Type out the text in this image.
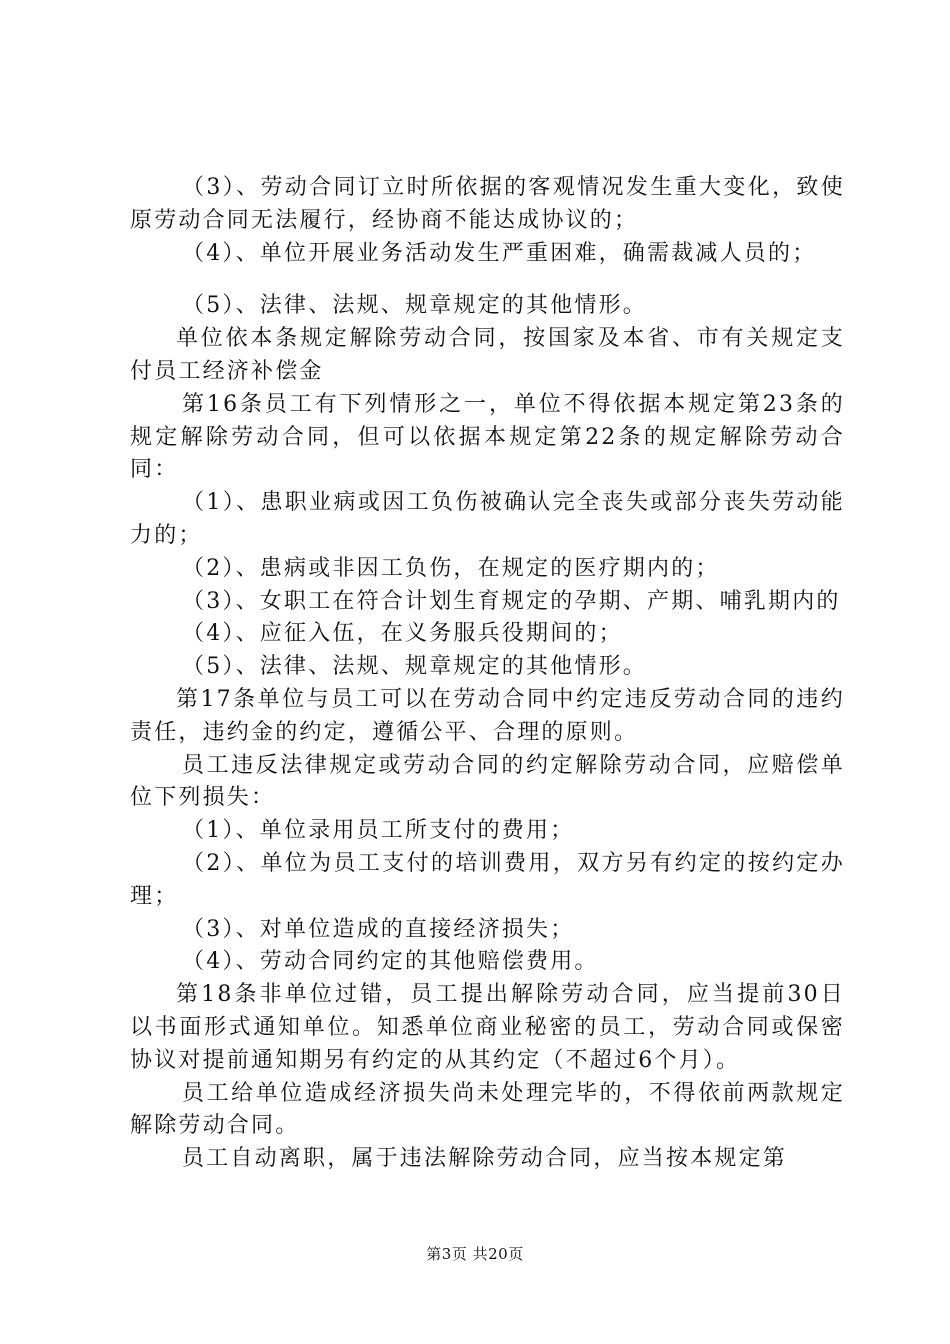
（3）、劳动合同订立时所依据的客观情况发生重大变化，致使原劳动合同无法履行，经协商不能达成协议的；

（4）、单位开展业务活动发生严重困难，确需裁减人员的；

（5）、法律、法规、规章规定的其他情形。

单位依本条规定解除劳动合同，按国家及本省、市有关规定支付员工经济补偿金

第16条员工有下列情形之一，单位不得依据本规定第23条的规定解除劳动合同，但可以依据本规定第22条的规定解除劳动合同：

（1）、患职业病或因工负伤被确认完全丧失或部分丧失劳动能力的；

（2）、患病或非因工负伤，在规定的医疗期内的；

（3）、女职工在符合计划生育规定的孕期、产期、哺乳期内的

（4）、应征入伍，在义务服兵役期间的；

（5）、法律、法规、规章规定的其他情形。

第17条单位与员工可以在劳动合同中约定违反劳动合同的违约责任，违约金的约定，遵循公平、合理的原则。

员工违反法律规定或劳动合同的约定解除劳动合同，应赔偿单位下列损失：

（1）、单位录用员工所支付的费用；

（2）、单位为员工支付的培训费用，双方另有约定的按约定办理；

（3）、对单位造成的直接经济损失；

（4）、劳动合同约定的其他赔偿费用。

第18条非单位过错，员工提出解除劳动合同，应当提前30日以书面形式通知单位。知悉单位商业秘密的员工，劳动合同或保密协议对提前通知期另有约定的从其约定（不超过6个月）。

员工给单位造成经济损失尚未处理完毕的，不得依前两款规定解除劳动合同。

员工自动离职，属于违法解除劳动合同，应当按本规定第

第3页 共20页
